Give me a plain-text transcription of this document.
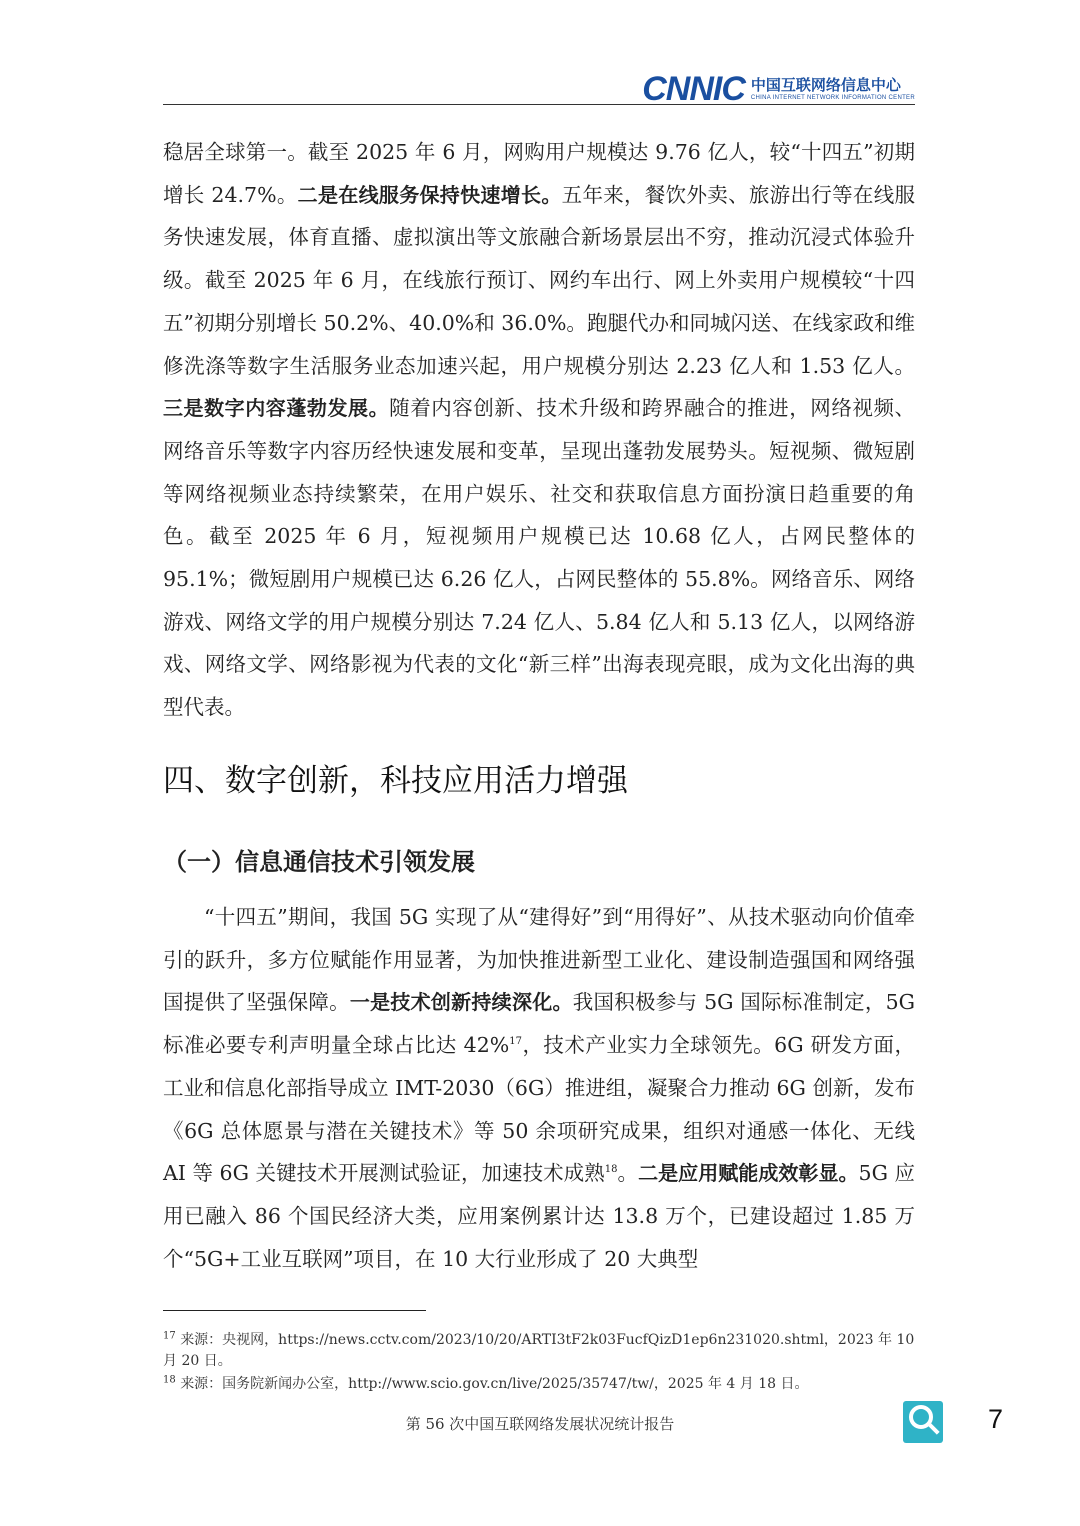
CNNIC 中国互联网络信息中心
CHINA INTERNET NETWORK INFORMATION CENTER

稳居全球第一。截至 2025 年 6 月，网购用户规模达 9.76 亿人，较“十四五”初期增长 24.7%。二是在线服务保持快速增长。五年来，餐饮外卖、旅游出行等在线服务快速发展，体育直播、虚拟演出等文旅融合新场景层出不穷，推动沉浸式体验升级。截至 2025 年 6 月，在线旅行预订、网约车出行、网上外卖用户规模较“十四五”初期分别增长 50.2%、40.0%和 36.0%。跑腿代办和同城闪送、在线家政和维修洗涤等数字生活服务业态加速兴起，用户规模分别达 2.23 亿人和 1.53 亿人。三是数字内容蓬勃发展。随着内容创新、技术升级和跨界融合的推进，网络视频、网络音乐等数字内容历经快速发展和变革，呈现出蓬勃发展势头。短视频、微短剧等网络视频业态持续繁荣，在用户娱乐、社交和获取信息方面扮演日趋重要的角色。截至 2025 年 6 月，短视频用户规模已达 10.68 亿人，占网民整体的 95.1%；微短剧用户规模已达 6.26 亿人，占网民整体的 55.8%。网络音乐、网络游戏、网络文学的用户规模分别达 7.24 亿人、5.84 亿人和 5.13 亿人，以网络游戏、网络文学、网络影视为代表的文化“新三样”出海表现亮眼，成为文化出海的典型代表。

四、数字创新，科技应用活力增强
（一）信息通信技术引领发展

“十四五”期间，我国 5G 实现了从“建得好”到“用得好”、从技术驱动向价值牵引的跃升，多方位赋能作用显著，为加快推进新型工业化、建设制造强国和网络强国提供了坚强保障。一是技术创新持续深化。我国积极参与 5G 国际标准制定，5G 标准必要专利声明量全球占比达 42%$^{17}$，技术产业实力全球领先。6G 研发方面，工业和信息化部指导成立 IMT-2030（6G）推进组，凝聚合力推动 6G 创新，发布《6G 总体愿景与潜在关键技术》等 50 余项研究成果，组织对通感一体化、无线 AI 等 6G 关键技术开展测试验证，加速技术成熟$^{18}$。二是应用赋能成效彰显。5G 应用已融入 86 个国民经济大类，应用案例累计达 13.8 万个，已建设超过 1.85 万个“5G+工业互联网”项目，在 10 大行业形成了 20 大典型

$^{17}$ 来源：央视网，https://news.cctv.com/2023/10/20/ARTI3tF2k03FucfQizD1ep6n231020.shtml，2023 年 10 月 20 日。
$^{18}$ 来源：国务院新闻办公室，http://www.scio.gov.cn/live/2025/35747/tw/，2025 年 4 月 18 日。
第 56 次中国互联网络发展状况统计报告	7
